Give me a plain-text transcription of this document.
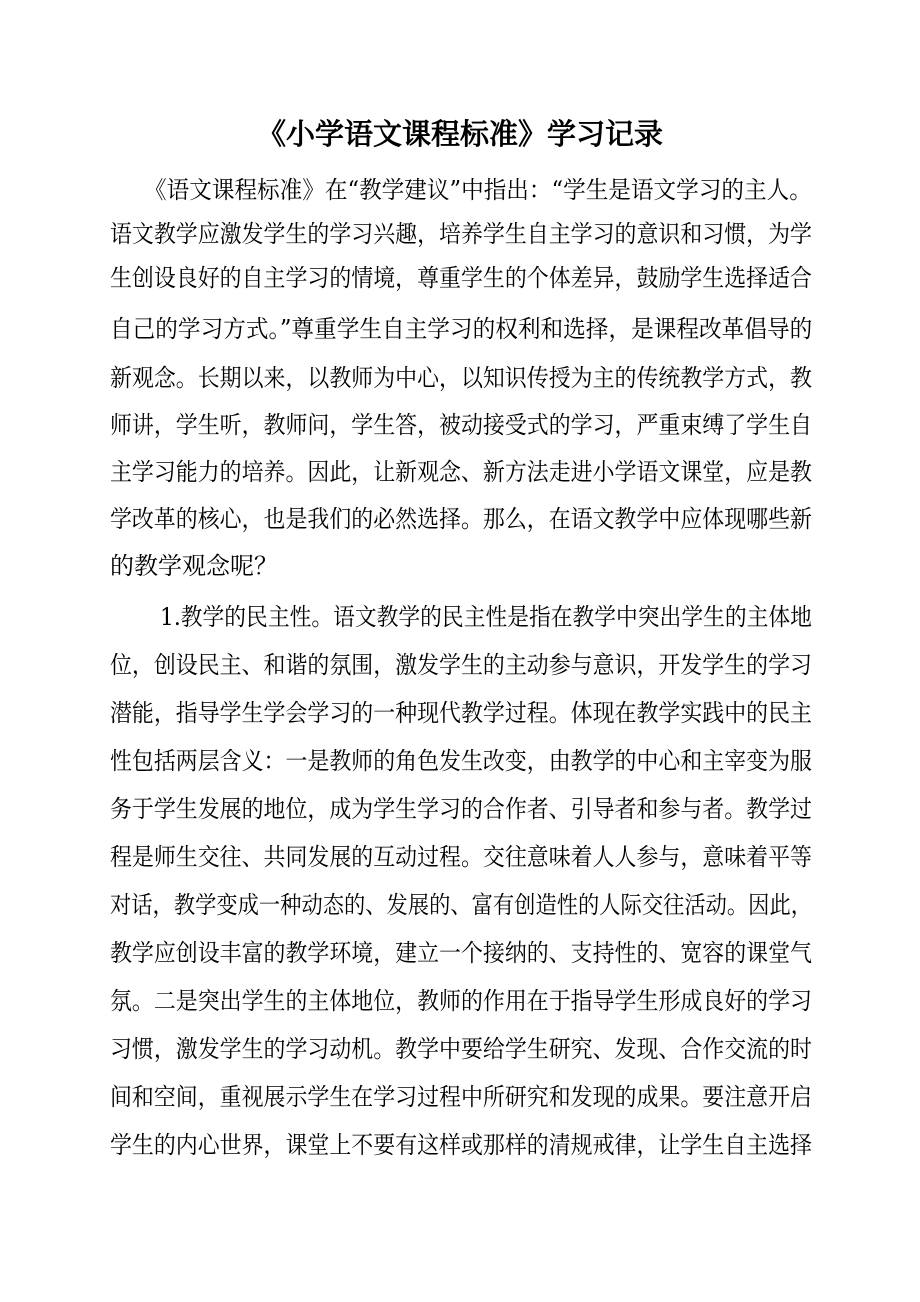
《小学语文课程标准》学习记录
《语文课程标准》在“教学建议”中指出：“学生是语文学习的主人。
语文教学应激发学生的学习兴趣，培养学生自主学习的意识和习惯，为学
生创设良好的自主学习的情境，尊重学生的个体差异，鼓励学生选择适合
自己的学习方式。”尊重学生自主学习的权利和选择，是课程改革倡导的
新观念。长期以来，以教师为中心，以知识传授为主的传统教学方式，教
师讲，学生听，教师问，学生答，被动接受式的学习，严重束缚了学生自
主学习能力的培养。因此，让新观念、新方法走进小学语文课堂，应是教
学改革的核心，也是我们的必然选择。那么，在语文教学中应体现哪些新
的教学观念呢？
1.教学的民主性。语文教学的民主性是指在教学中突出学生的主体地
位，创设民主、和谐的氛围，激发学生的主动参与意识，开发学生的学习
潜能，指导学生学会学习的一种现代教学过程。体现在教学实践中的民主
性包括两层含义：一是教师的角色发生改变，由教学的中心和主宰变为服
务于学生发展的地位，成为学生学习的合作者、引导者和参与者。教学过
程是师生交往、共同发展的互动过程。交往意味着人人参与，意味着平等
对话，教学变成一种动态的、发展的、富有创造性的人际交往活动。因此，
教学应创设丰富的教学环境，建立一个接纳的、支持性的、宽容的课堂气
氛。二是突出学生的主体地位，教师的作用在于指导学生形成良好的学习
习惯，激发学生的学习动机。教学中要给学生研究、发现、合作交流的时
间和空间，重视展示学生在学习过程中所研究和发现的成果。要注意开启
学生的内心世界，课堂上不要有这样或那样的清规戒律，让学生自主选择
